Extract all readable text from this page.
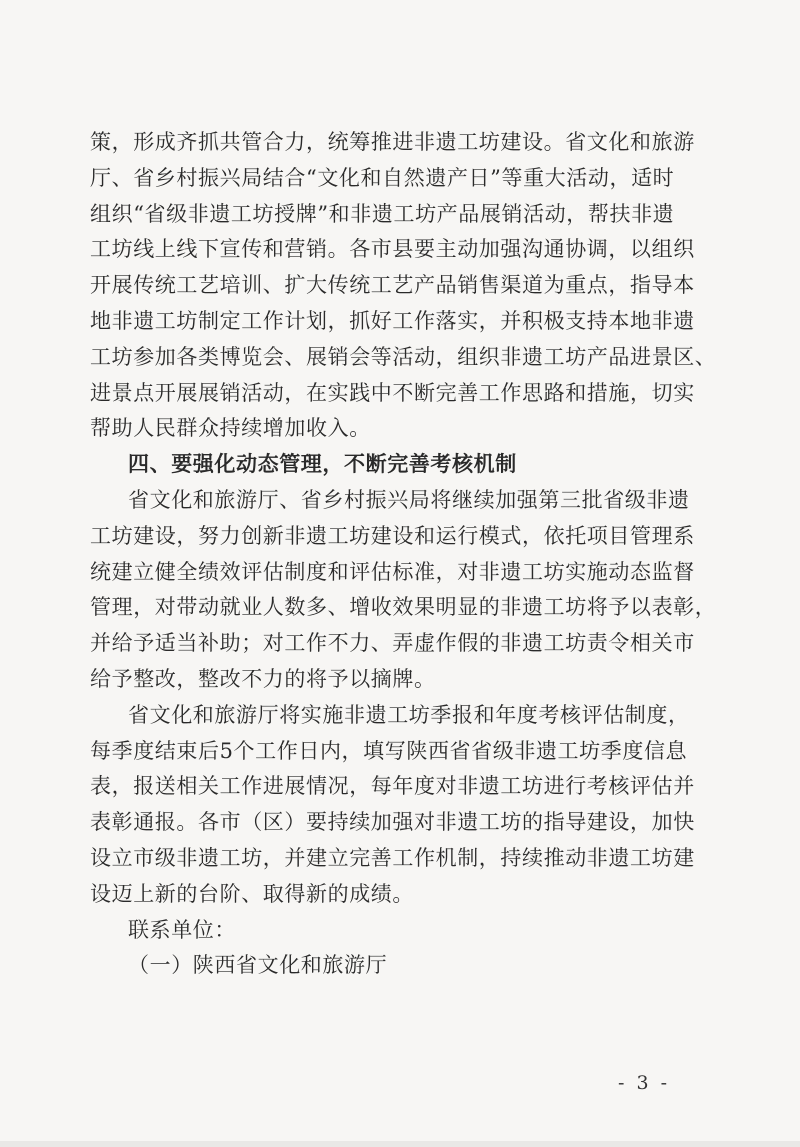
策，形成齐抓共管合力，统筹推进非遗工坊建设。省文化和旅游
厅、省乡村振兴局结合“文化和自然遗产日”等重大活动，适时
组织“省级非遗工坊授牌”和非遗工坊产品展销活动，帮扶非遗
工坊线上线下宣传和营销。各市县要主动加强沟通协调，以组织
开展传统工艺培训、扩大传统工艺产品销售渠道为重点，指导本
地非遗工坊制定工作计划，抓好工作落实，并积极支持本地非遗
工坊参加各类博览会、展销会等活动，组织非遗工坊产品进景区、
进景点开展展销活动，在实践中不断完善工作思路和措施，切实
帮助人民群众持续增加收入。
四、要强化动态管理，不断完善考核机制
省文化和旅游厅、省乡村振兴局将继续加强第三批省级非遗
工坊建设，努力创新非遗工坊建设和运行模式，依托项目管理系
统建立健全绩效评估制度和评估标准，对非遗工坊实施动态监督
管理，对带动就业人数多、增收效果明显的非遗工坊将予以表彰，
并给予适当补助；对工作不力、弄虚作假的非遗工坊责令相关市
给予整改，整改不力的将予以摘牌。
省文化和旅游厅将实施非遗工坊季报和年度考核评估制度，
每季度结束后5个工作日内，填写陕西省省级非遗工坊季度信息
表，报送相关工作进展情况，每年度对非遗工坊进行考核评估并
表彰通报。各市（区）要持续加强对非遗工坊的指导建设，加快
设立市级非遗工坊，并建立完善工作机制，持续推动非遗工坊建
设迈上新的台阶、取得新的成绩。
联系单位：
（一）陕西省文化和旅游厅
- 3 -
